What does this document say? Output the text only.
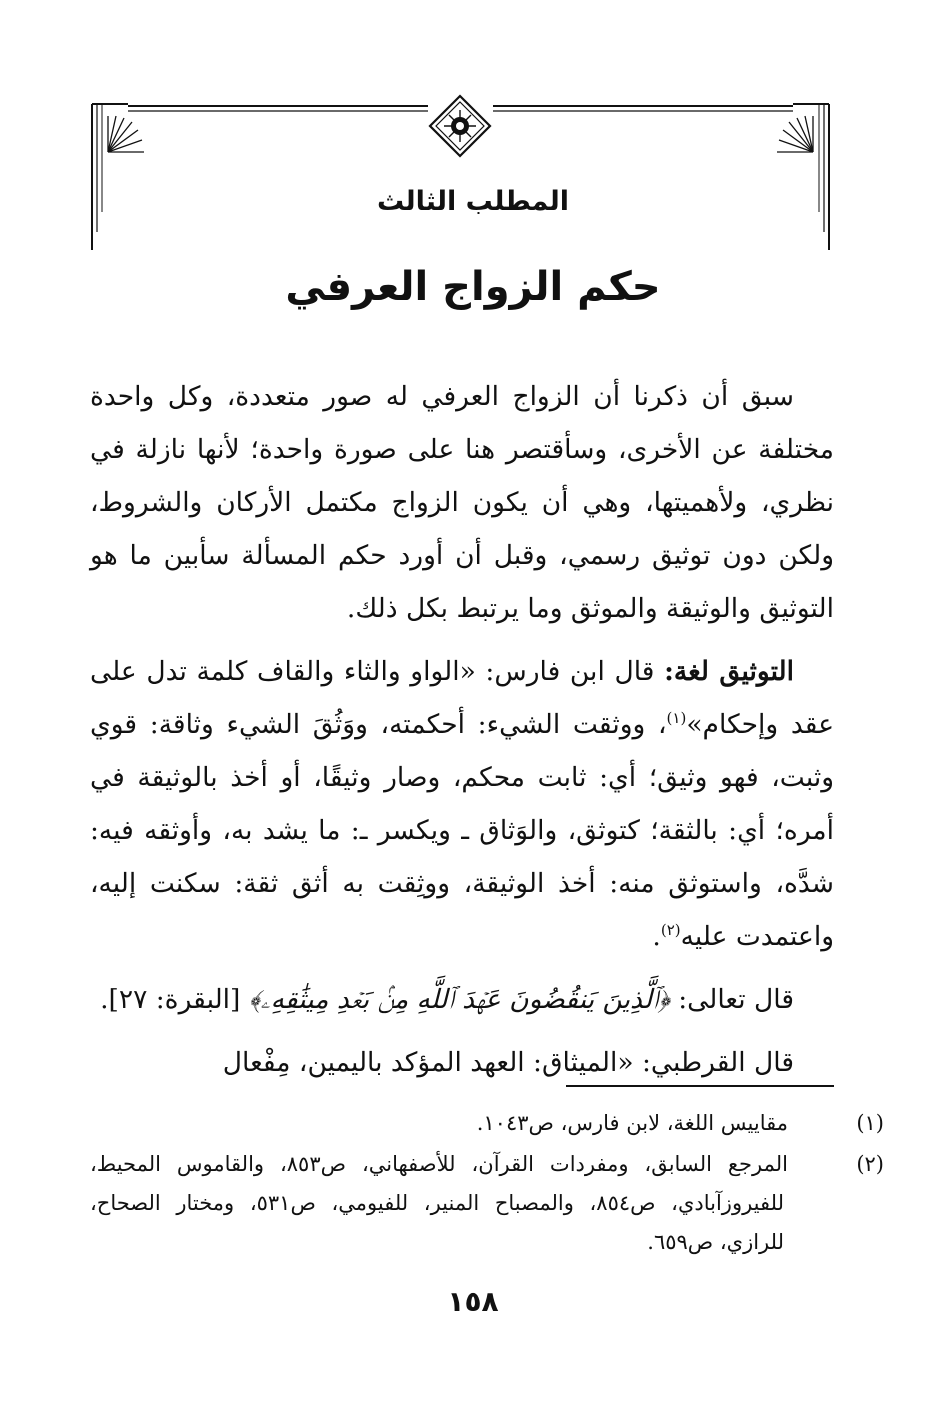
المطلب الثالث
حكم الزواج العرفي

سبق أن ذكرنا أن الزواج العرفي له صور متعددة، وكل واحدة مختلفة عن الأخرى، وسأقتصر هنا على صورة واحدة؛ لأنها نازلة في نظري، ولأهميتها، وهي أن يكون الزواج مكتمل الأركان والشروط، ولكن دون توثيق رسمي، وقبل أن أورد حكم المسألة سأبين ما هو التوثيق والوثيقة والموثق وما يرتبط بكل ذلك.

التوثيق لغة: قال ابن فارس: «الواو والثاء والقاف كلمة تدل على عقد وإحكام»$^{(١)}$، ووثقت الشيء: أحكمته، ووَثُقَ الشيء وثاقة: قوي وثبت، فهو وثيق؛ أي: ثابت محكم، وصار وثيقًا، أو أخذ بالوثيقة في أمره؛ أي: بالثقة؛ كتوثق، والوَثاق ـ ويكسر ـ: ما يشد به، وأوثقه فيه: شدَّه، واستوثق منه: أخذ الوثيقة، ووثِقت به أثق ثقة: سكنت إليه، واعتمدت عليه$^{(٢)}$.

قال تعالى: ﴿ٱلَّذِينَ يَنقُضُونَ عَهۡدَ ٱللَّهِ مِنۢ بَعۡدِ مِيثَٰقِهِۦ﴾ [البقرة: ٢٧].

قال القرطبي: «الميثاق: العهد المؤكد باليمين، مِفْعال

(١)مقاييس اللغة، لابن فارس، ص١٠٤٣.

(٢)المرجع السابق، ومفردات القرآن، للأصفهاني، ص٨٥٣، والقاموس المحيط، للفيروزآبادي، ص٨٥٤، والمصباح المنير، للفيومي، ص٥٣١، ومختار الصحاح، للرازي، ص٦٥٩.

١٥٨
